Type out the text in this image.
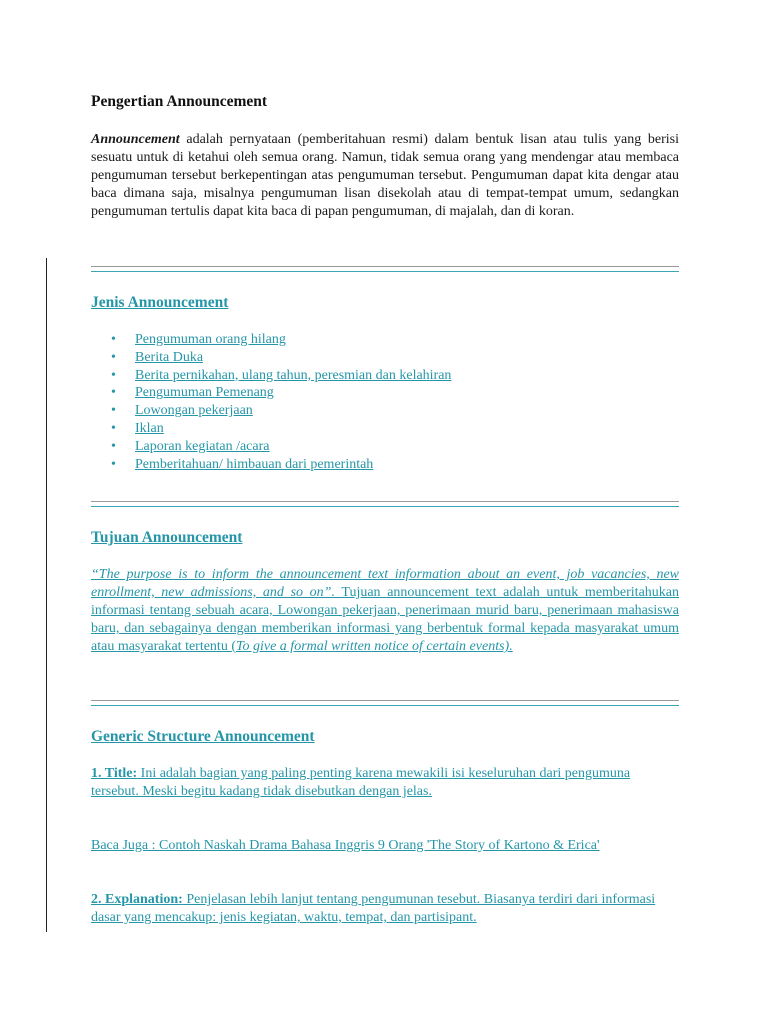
Pengertian Announcement

Announcement adalah pernyataan (pemberitahuan resmi) dalam bentuk lisan atau tulis yang berisi sesuatu untuk di ketahui oleh semua orang. Namun, tidak semua orang yang mendengar atau membaca pengumuman tersebut berkepentingan atas pengumuman tersebut. Pengumuman dapat kita dengar atau baca dimana saja, misalnya pengumuman lisan disekolah atau di tempat-tempat umum, sedangkan pengumuman tertulis dapat kita baca di papan pengumuman, di majalah, dan di koran.

Jenis Announcement
• Pengumuman orang hilang
• Berita Duka
• Berita pernikahan, ulang tahun, peresmian dan kelahiran
• Pengumuman Pemenang
• Lowongan pekerjaan
• Iklan
• Laporan kegiatan /acara
• Pemberitahuan/ himbauan dari pemerintah
Tujuan Announcement

“The purpose is to inform the announcement text information about an event, job vacancies, new enrollment, new admissions, and so on”. Tujuan announcement text adalah untuk memberitahukan informasi tentang sebuah acara, Lowongan pekerjaan, penerimaan murid baru, penerimaan mahasiswa baru, dan sebagainya dengan memberikan informasi yang berbentuk formal kepada masyarakat umum atau masyarakat tertentu (To give a formal written notice of certain events).

Generic Structure Announcement

1. Title: Ini adalah bagian yang paling penting karena mewakili isi keseluruhan dari pengumuna tersebut. Meski begitu kadang tidak disebutkan dengan jelas.

Baca Juga : Contoh Naskah Drama Bahasa Inggris 9 Orang 'The Story of Kartono & Erica'

2. Explanation: Penjelasan lebih lanjut tentang pengumunan tesebut. Biasanya terdiri dari informasi dasar yang mencakup: jenis kegiatan, waktu, tempat, dan partisipant.
